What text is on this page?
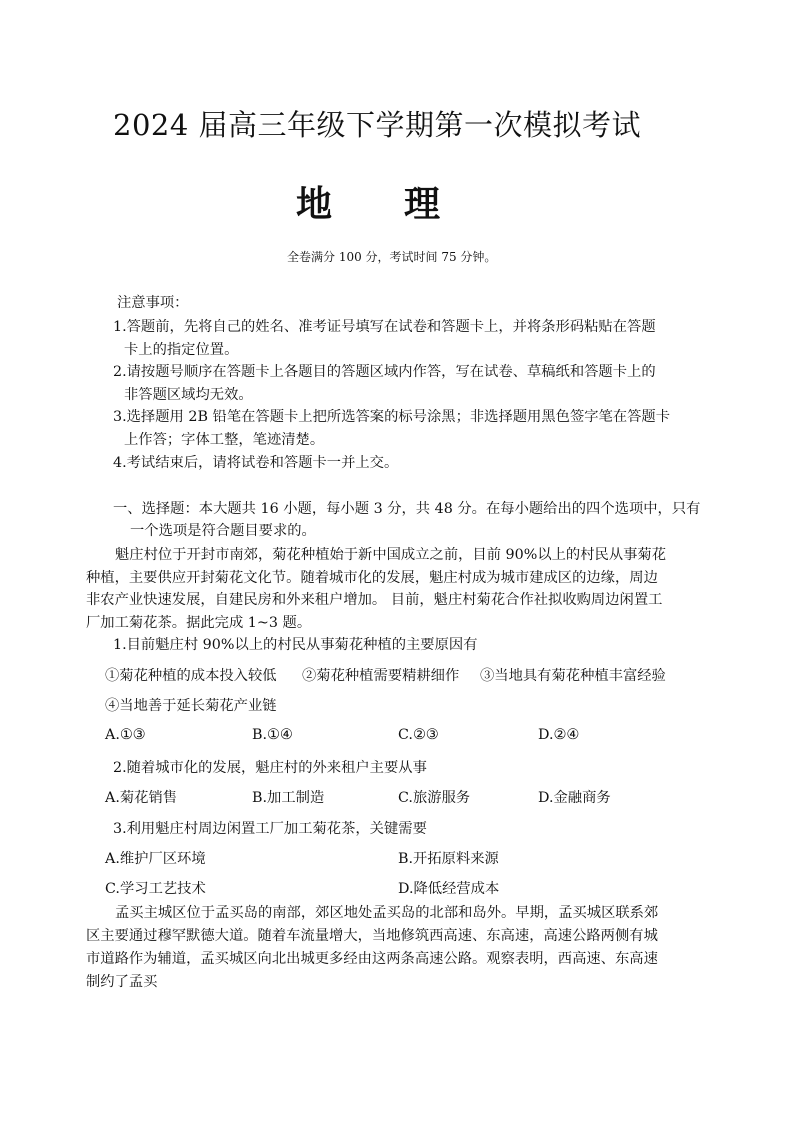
2024 届高三年级下学期第一次模拟考试
地　　理
全卷满分 100 分，考试时间 75 分钟。
注意事项：
1.答题前，先将自己的姓名、准考证号填写在试卷和答题卡上，并将条形码粘贴在答题
卡上的指定位置。
2.请按题号顺序在答题卡上各题目的答题区域内作答，写在试卷、草稿纸和答题卡上的
非答题区域均无效。
3.选择题用 2B 铅笔在答题卡上把所选答案的标号涂黑；非选择题用黑色签字笔在答题卡
上作答；字体工整，笔迹清楚。
4.考试结束后，请将试卷和答题卡一并上交。
一、选择题：本大题共 16 小题，每小题 3 分，共 48 分。在每小题给出的四个选项中，只有
一个选项是符合题目要求的。
魁庄村位于开封市南郊，菊花种植始于新中国成立之前，目前 90%以上的村民从事菊花
种植，主要供应开封菊花文化节。随着城市化的发展，魁庄村成为城市建成区的边缘，周边
非农产业快速发展，自建民房和外来租户增加。 目前，魁庄村菊花合作社拟收购周边闲置工
厂加工菊花茶。据此完成 1~3 题。
1.目前魁庄村 90%以上的村民从事菊花种植的主要原因有
①菊花种植的成本投入较低 ②菊花种植需要精耕细作 ③当地具有菊花种植丰富经验
④当地善于延长菊花产业链
A.①③	B.①④	C.②③	D.②④
2.随着城市化的发展，魁庄村的外来租户主要从事
A.菊花销售	B.加工制造	C.旅游服务	D.金融商务
3.利用魁庄村周边闲置工厂加工菊花茶，关键需要
A.维护厂区环境	B.开拓原料来源
C.学习工艺技术	D.降低经营成本
孟买主城区位于孟买岛的南部，郊区地处孟买岛的北部和岛外。早期，孟买城区联系郊
区主要通过穆罕默德大道。随着车流量增大，当地修筑西高速、东高速，高速公路两侧有城
市道路作为辅道，孟买城区向北出城更多经由这两条高速公路。观察表明，西高速、东高速
制约了孟买
